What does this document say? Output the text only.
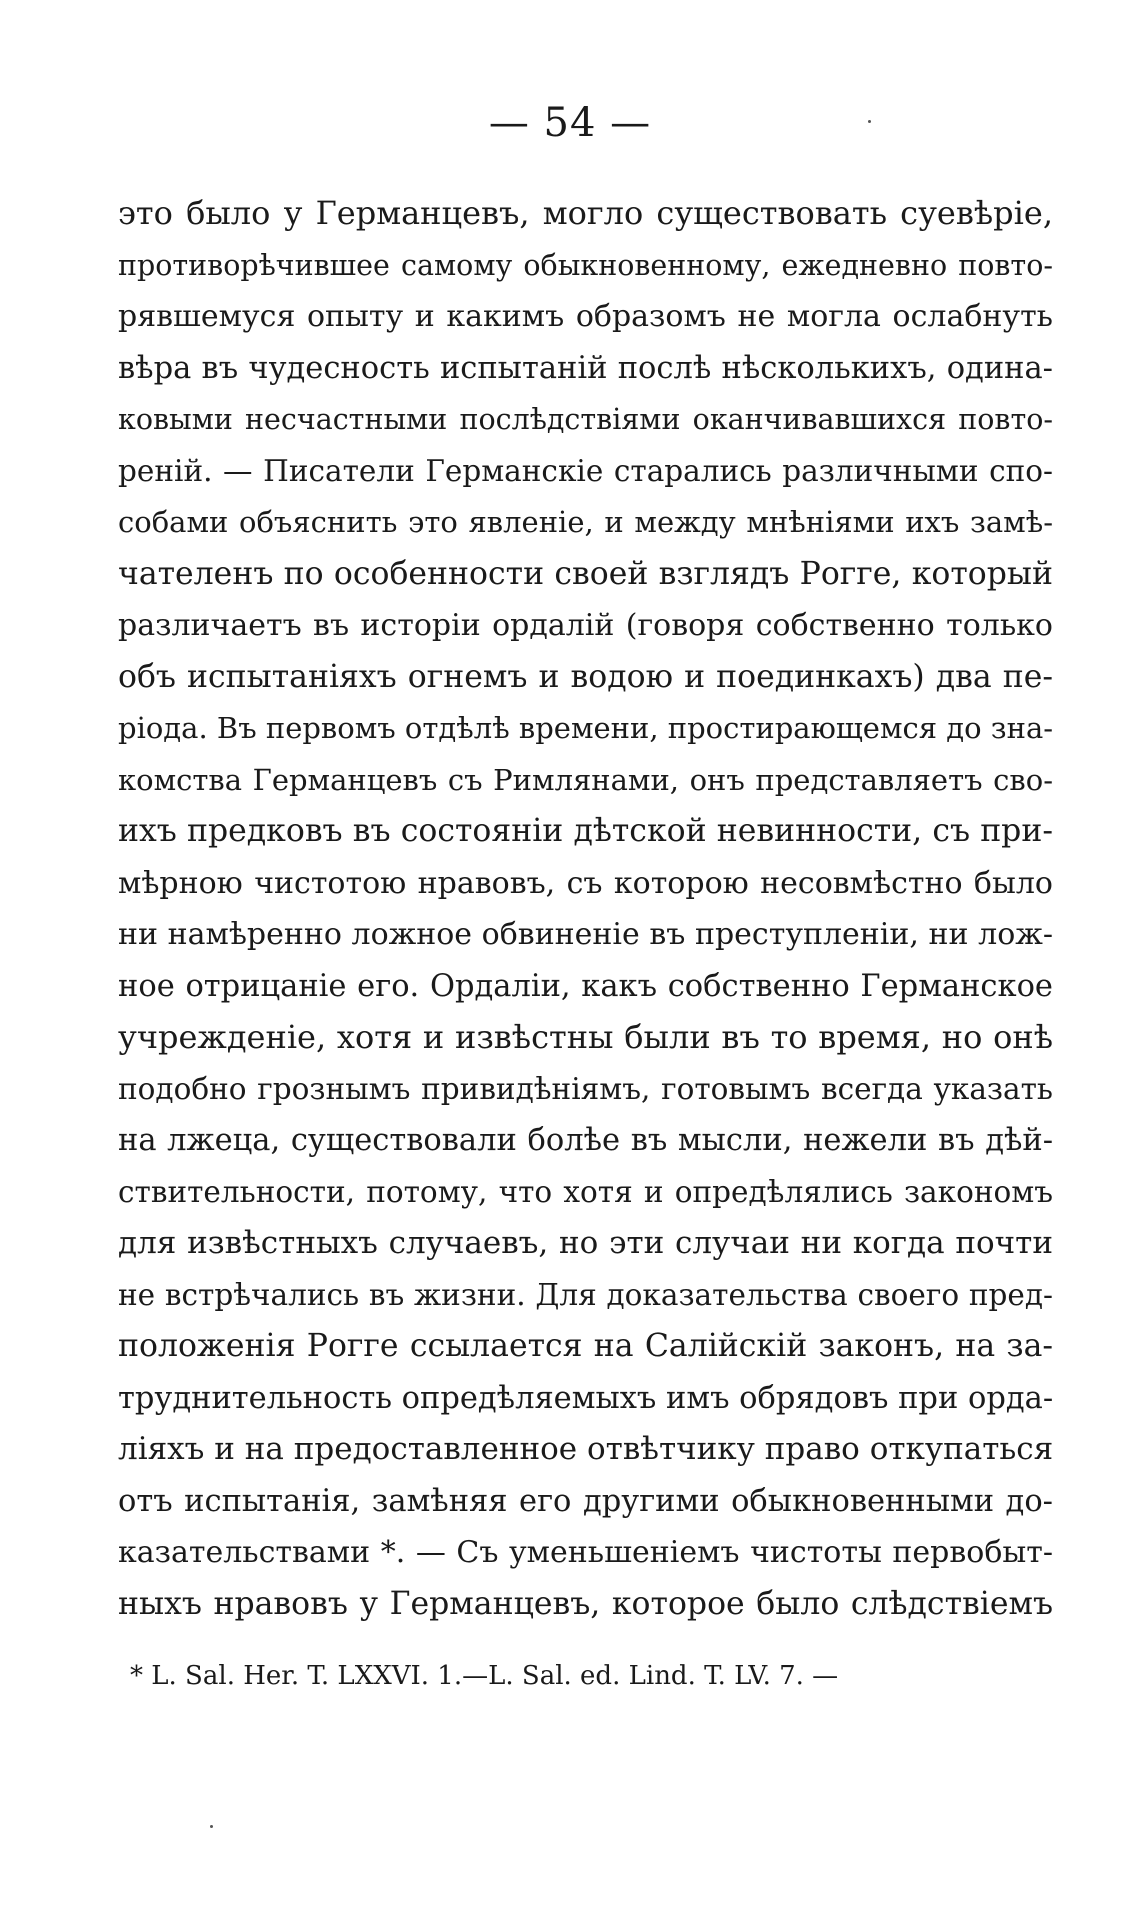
— 54 —
это было у Германцевъ, могло существовать суевѣріе,
противорѣчившее самому обыкновенному, ежедневно повто-
рявшемуся опыту и какимъ образомъ не могла ослабнуть
вѣра въ чудесность испытаній послѣ нѣсколькихъ, одина-
ковыми несчастными послѣдствіями оканчивавшихся повто-
реній. — Писатели Германскіе старались различными спо-
собами объяснить это явленіе, и между мнѣніями ихъ замѣ-
чателенъ по особенности своей взглядъ Рогге, который
различаетъ въ исторіи ордалій (говоря собственно только
объ испытаніяхъ огнемъ и водою и поединкахъ) два пе-
ріода. Въ первомъ отдѣлѣ времени, простирающемся до зна-
комства Германцевъ съ Римлянами, онъ представляетъ сво-
ихъ предковъ въ состояніи дѣтской невинности, съ при-
мѣрною чистотою нравовъ, съ которою несовмѣстно было
ни намѣренно ложное обвиненіе въ преступленіи, ни лож-
ное отрицаніе его. Ордаліи, какъ собственно Германское
учрежденіе, хотя и извѣстны были въ то время, но онѣ
подобно грознымъ привидѣніямъ, готовымъ всегда указать
на лжеца, существовали болѣе въ мысли, нежели въ дѣй-
ствительности, потому, что хотя и опредѣлялись закономъ
для извѣстныхъ случаевъ, но эти случаи ни когда почти
не встрѣчались въ жизни. Для доказательства своего пред-
положенія Рогге ссылается на Салійскій законъ, на за-
труднительность опредѣляемыхъ имъ обрядовъ при орда-
ліяхъ и на предоставленное отвѣтчику право откупаться
отъ испытанія, замѣняя его другими обыкновенными до-
казательствами *. — Съ уменьшеніемъ чистоты первобыт-
ныхъ нравовъ у Германцевъ, которое было слѣдствіемъ
* L. Sal. Her. T. LXXVI. 1.—L. Sal. ed. Lind. T. LV. 7. —
